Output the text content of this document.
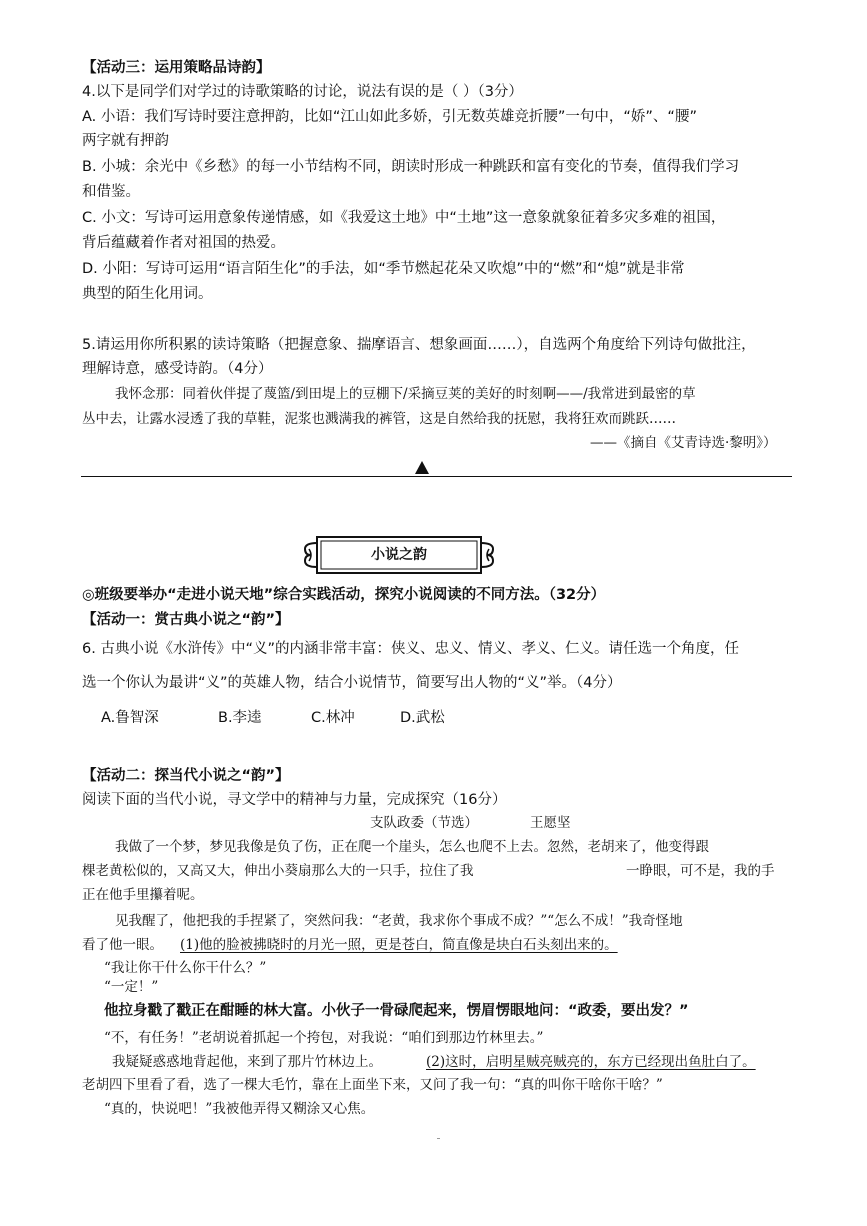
【活动三：运用策略品诗韵】
4.以下是同学们对学过的诗歌策略的讨论，说法有误的是（ ）（3分）
A. 小语：我们写诗时要注意押韵，比如“江山如此多娇，引无数英雄竞折腰”一句中，“娇”、“腰”
两字就有押韵
B. 小城：余光中《乡愁》的每一小节结构不同，朗读时形成一种跳跃和富有变化的节奏，值得我们学习
和借鉴。
C. 小文：写诗可运用意象传递情感，如《我爱这土地》中“土地”这一意象就象征着多灾多难的祖国，
背后蕴藏着作者对祖国的热爱。
D. 小阳：写诗可运用“语言陌生化”的手法，如“季节燃起花朵又吹熄”中的“燃”和“熄”就是非常
典型的陌生化用词。
5.请运用你所积累的读诗策略（把握意象、揣摩语言、想象画面……），自选两个角度给下列诗句做批注，
理解诗意，感受诗韵。（4分）
我怀念那：同着伙伴提了蔑篮/到田堤上的豆棚下/采摘豆荚的美好的时刻啊——/我常进到最密的草
丛中去，让露水浸透了我的草鞋，泥浆也溅满我的裤管，这是自然给我的抚慰，我将狂欢而跳跃……
——《摘自《艾青诗选·黎明》）
小说之韵
◎班级要举办“走进小说天地”综合实践活动，探究小说阅读的不同方法。（32分）
【活动一：赏古典小说之“韵”】
6. 古典小说《水浒传》中“义”的内涵非常丰富：侠义、忠义、情义、孝义、仁义。请任选一个角度，任
选一个你认为最讲“义”的英雄人物，结合小说情节，简要写出人物的“义”举。（4分）
A.鲁智深	B.李逵	C.林冲	D.武松
【活动二：探当代小说之“韵”】
阅读下面的当代小说，寻文学中的精神与力量，完成探究（16分）
支队政委（节选）	王愿坚
我做了一个梦，梦见我像是负了伤，正在爬一个崖头，怎么也爬不上去。忽然，老胡来了，他变得跟
棵老黄松似的，又高又大，伸出小葵扇那么大的一只手，拉住了我	一睁眼，可不是，我的手
正在他手里攥着呢。
见我醒了，他把我的手捏紧了，突然问我：“老黄，我求你个事成不成？”“怎么不成！”我奇怪地
看了他一眼。 (1)他的脸被拂晓时的月光一照，更是苍白，简直像是块白石头刻出来的。
“我让你干什么你干什么？”
“一定！”
他拉身戳了戳正在酣睡的林大富。小伙子一骨碌爬起来，愣眉愣眼地问：“政委，要出发？”
“不，有任务！”老胡说着抓起一个挎包，对我说：“咱们到那边竹林里去。”
我疑疑惑惑地背起他，来到了那片竹林边上。	(2)这时，启明星贼亮贼亮的，东方已经现出鱼肚白了。
老胡四下里看了看，选了一棵大毛竹，靠在上面坐下来，又问了我一句：“真的叫你干啥你干啥？”
“真的，快说吧！”我被他弄得又糊涂又心焦。
